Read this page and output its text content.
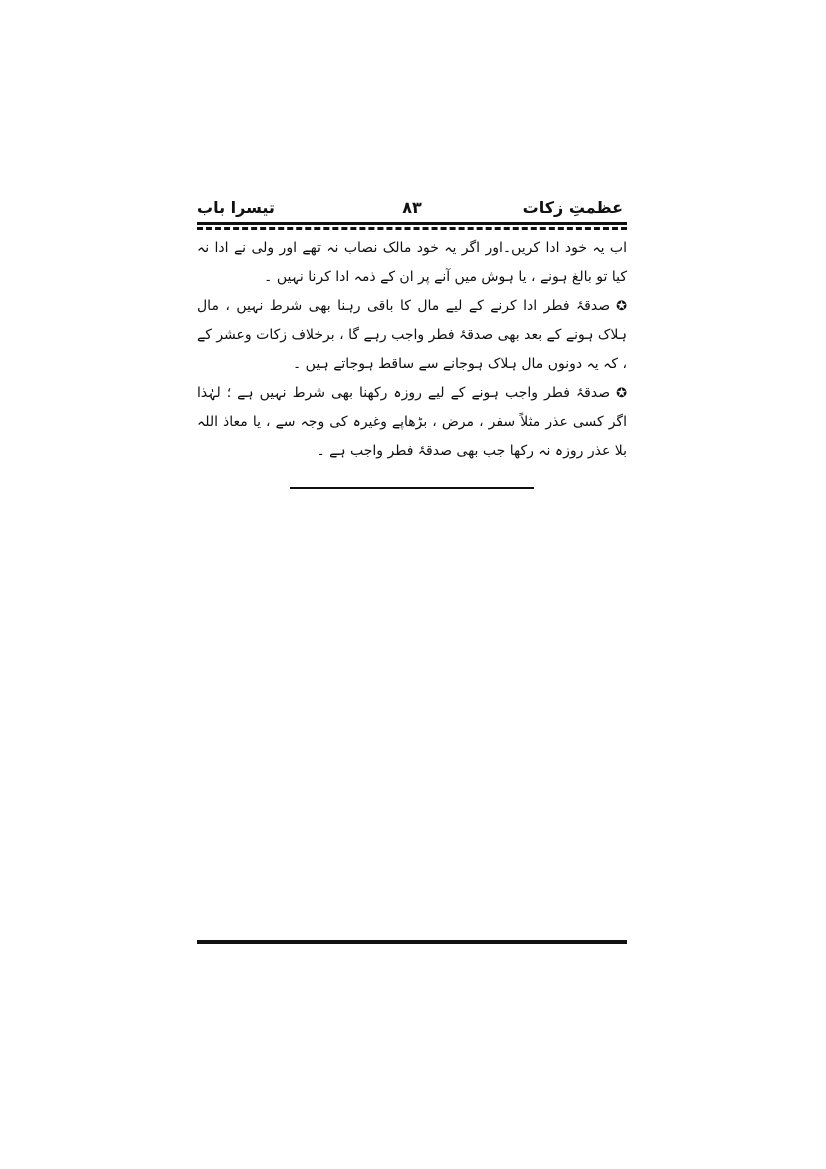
عظمتِ زکات
۸۳
تیسرا باب

اب یہ خود ادا کریں۔اور اگر یہ خود مالک نصاب نہ تھے اور ولی نے ادا نہ کیا تو بالغ ہونے ، یا ہوش میں آنے پر ان کے ذمہ ادا کرنا نہیں ۔

✪صدقۂ فطر ادا کرنے کے لیے مال کا باقی رہنا بھی شرط نہیں ، مال ہلاک ہونے کے بعد بھی صدقۂ فطر واجب رہے گا ، برخلاف زکات وعشر کے ، کہ یہ دونوں مال ہلاک ہوجانے سے ساقط ہوجاتے ہیں ۔

✪صدقۂ فطر واجب ہونے کے لیے روزہ رکھنا بھی شرط نہیں ہے ؛ لہٰذا اگر کسی عذر مثلاً سفر ، مرض ، بڑھاپے وغیرہ کی وجہ سے ، یا معاذ اللہ بلا عذر روزہ نہ رکھا جب بھی صدقۂ فطر واجب ہے ۔
